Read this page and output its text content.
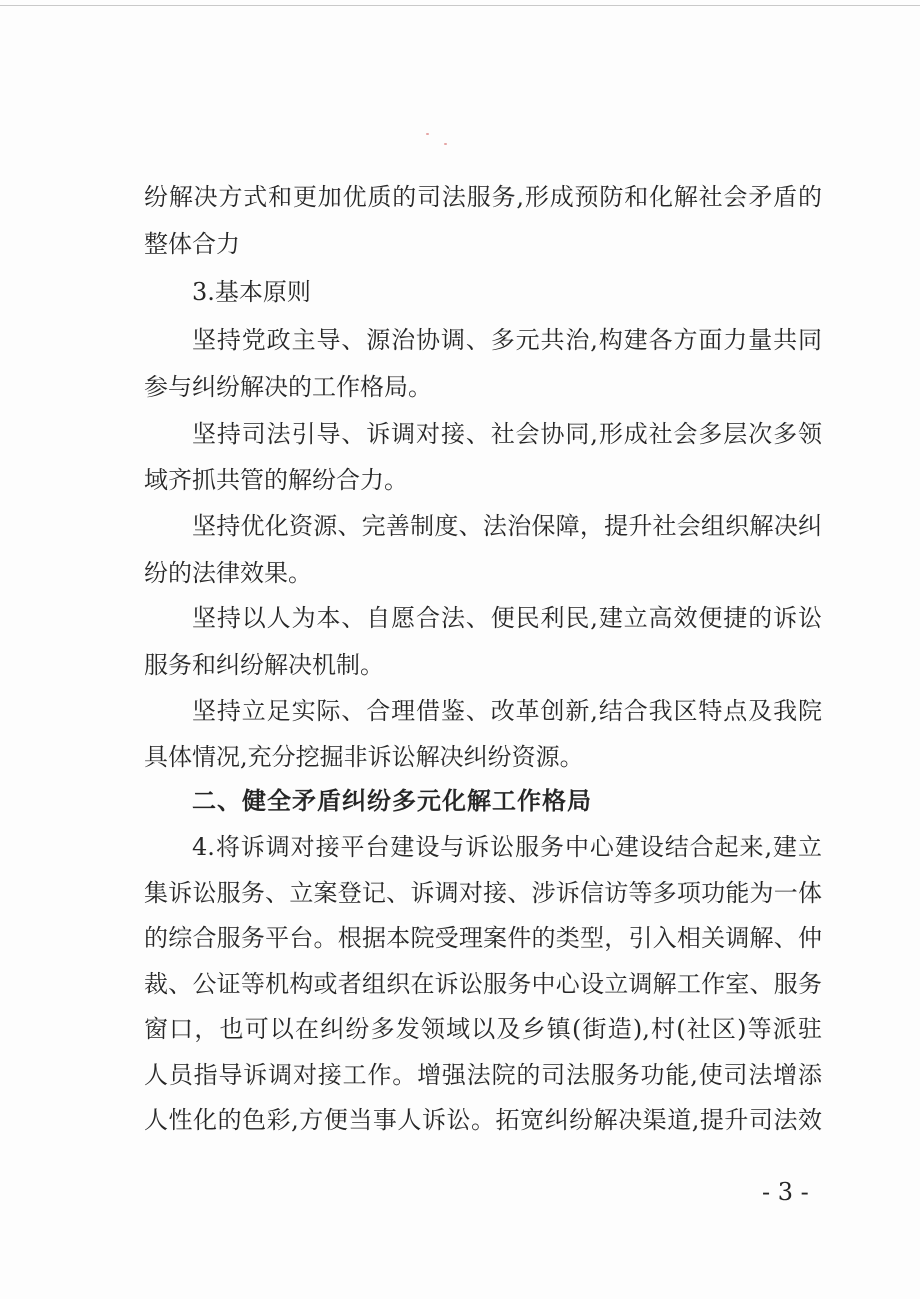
纷解决方式和更加优质的司法服务,形成预防和化解社会矛盾的
整体合力
3.基本原则
坚持党政主导、源治协调、多元共治,构建各方面力量共同
参与纠纷解决的工作格局。
坚持司法引导、诉调对接、社会协同,形成社会多层次多领
域齐抓共管的解纷合力。
坚持优化资源、完善制度、法治保障，提升社会组织解决纠
纷的法律效果。
坚持以人为本、自愿合法、便民利民,建立高效便捷的诉讼
服务和纠纷解决机制。
坚持立足实际、合理借鉴、改革创新,结合我区特点及我院
具体情况,充分挖掘非诉讼解决纠纷资源。
二、健全矛盾纠纷多元化解工作格局
4.将诉调对接平台建设与诉讼服务中心建设结合起来,建立
集诉讼服务、立案登记、诉调对接、涉诉信访等多项功能为一体
的综合服务平台。根据本院受理案件的类型，引入相关调解、仲
裁、公证等机构或者组织在诉讼服务中心设立调解工作室、服务
窗口，也可以在纠纷多发领域以及乡镇(街造),村(社区)等派驻
人员指导诉调对接工作。增强法院的司法服务功能,使司法增添
人性化的色彩,方便当事人诉讼。拓宽纠纷解决渠道,提升司法效
- 3 -
